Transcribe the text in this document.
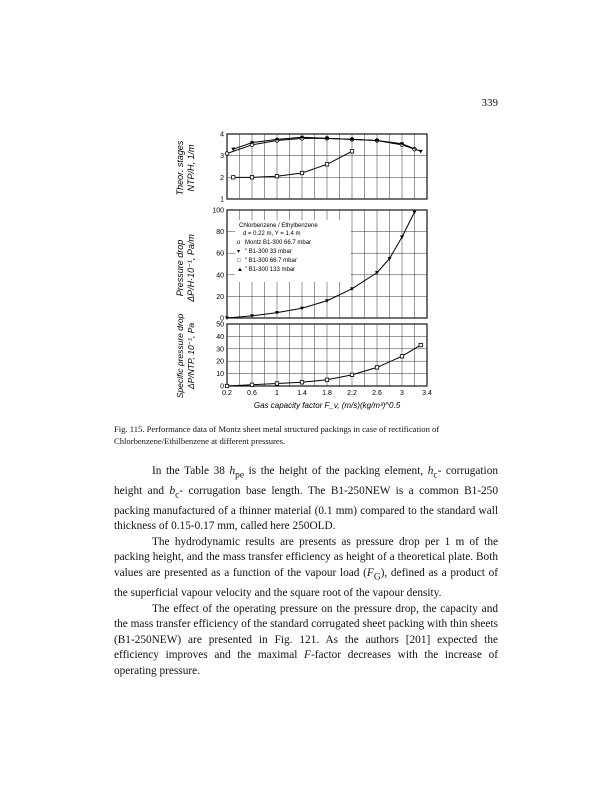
339
1
2
3
4
0
20
40
60
80
100
0
10
20
30
40
50
0.2 0.6	1	1.4 1.8 2.2 2.6	3	3.4
Theor. stages NTP/H, 1/m
Pressure drop ΔP/H·10⁻¹, Pa/m
Specific pressure drop ΔP/NTP, 10⁻¹, Pa
Chlorbenzene / Ethylbenzene
d = 0.22 m, Y = 1.4 m
o Montz B1-300 66.7 mbar
▾ " B1-300 33 mbar
□ " B1-300 66.7 mbar
▲ " B1-300 133 mbar
Gas capacity factor F_v, (m/s)(kg/m³)^0.5
Fig. 115. Performance data of Montz sheet metal structured packings in case of rectification of Chlorbenzene/Ethilbenzene at different pressures.

In the Table 38 $h_{pe}$ is the height of the packing element, $h_c-$ corrugation height and $b_c-$ corrugation base length. The B1-250NEW is a common B1-250 packing manufactured of a thinner material (0.1 mm) compared to the standard wall thickness of 0.15-0.17 mm, called here 250OLD.

The hydrodynamic results are presents as pressure drop per 1 m of the packing height, and the mass transfer efficiency as height of a theoretical plate. Both values are presented as a function of the vapour load $(F_G)$, defined as a product of the superficial vapour velocity and the square root of the vapour density.

The effect of the operating pressure on the pressure drop, the capacity and the mass transfer efficiency of the standard corrugated sheet packing with thin sheets (B1-250NEW) are presented in Fig. 121. As the authors [201] expected the efficiency improves and the maximal F-factor decreases with the increase of operating pressure.
